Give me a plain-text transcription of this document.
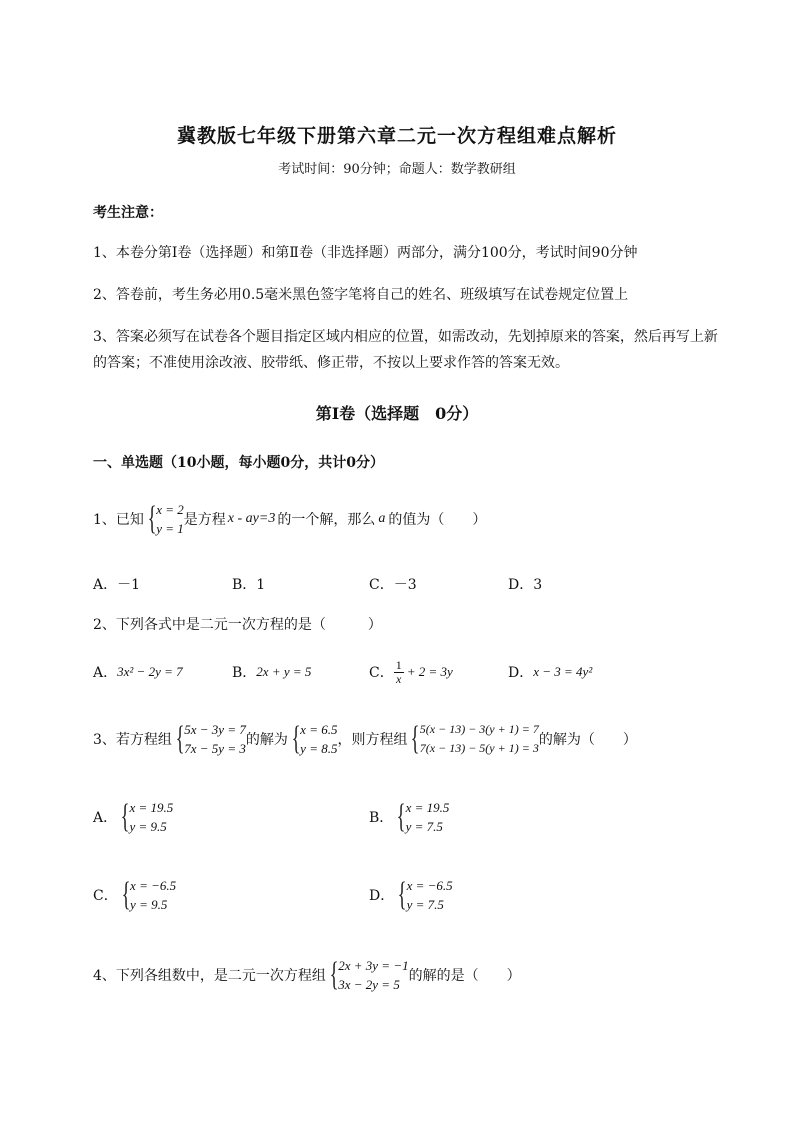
冀教版七年级下册第六章二元一次方程组难点解析
考试时间：90分钟；命题人：数学教研组
考生注意：
1、本卷分第Ⅰ卷（选择题）和第Ⅱ卷（非选择题）两部分，满分100分，考试时间90分钟
2、答卷前，考生务必用0.5毫米黑色签字笔将自己的姓名、班级填写在试卷规定位置上
3、答案必须写在试卷各个题目指定区域内相应的位置，如需改动，先划掉原来的答案，然后再写上新
的答案；不准使用涂改液、胶带纸、修正带，不按以上要求作答的答案无效。
第Ⅰ卷（选择题　0分）
一、单选题（10小题，每小题0分，共计0分）
1、已知 { x = 2
y = 1
是方程 x - ay=3 的一个解，那么 a 的值为（　　）
A．－1	B．1	C．－3	D．3
2、下列各式中是二元一次方程的是（　　　）
A． 3x² − 2y = 7	B． 2x + y = 5	C． $\frac{1}{x} + 2 = 3y$	D． x − 3 = 4y²
3、若方程组 { 5x − 3y = 7
7x − 5y = 3
的解为 { x = 6.5
y = 8.5
，则方程组 { 5(x − 13) − 3(y + 1) = 7
7(x − 13) − 5(y + 1) = 3 的解为（　　）
A． { x = 19.5
y = 9.5
B． { x = 19.5
y = 7.5
C． { x = −6.5
y = 9.5
D． { x = −6.5
y = 7.5
4、下列各组数中，是二元一次方程组 { 2x + 3y = −1
3x − 2y = 5
的解的是（　　）
